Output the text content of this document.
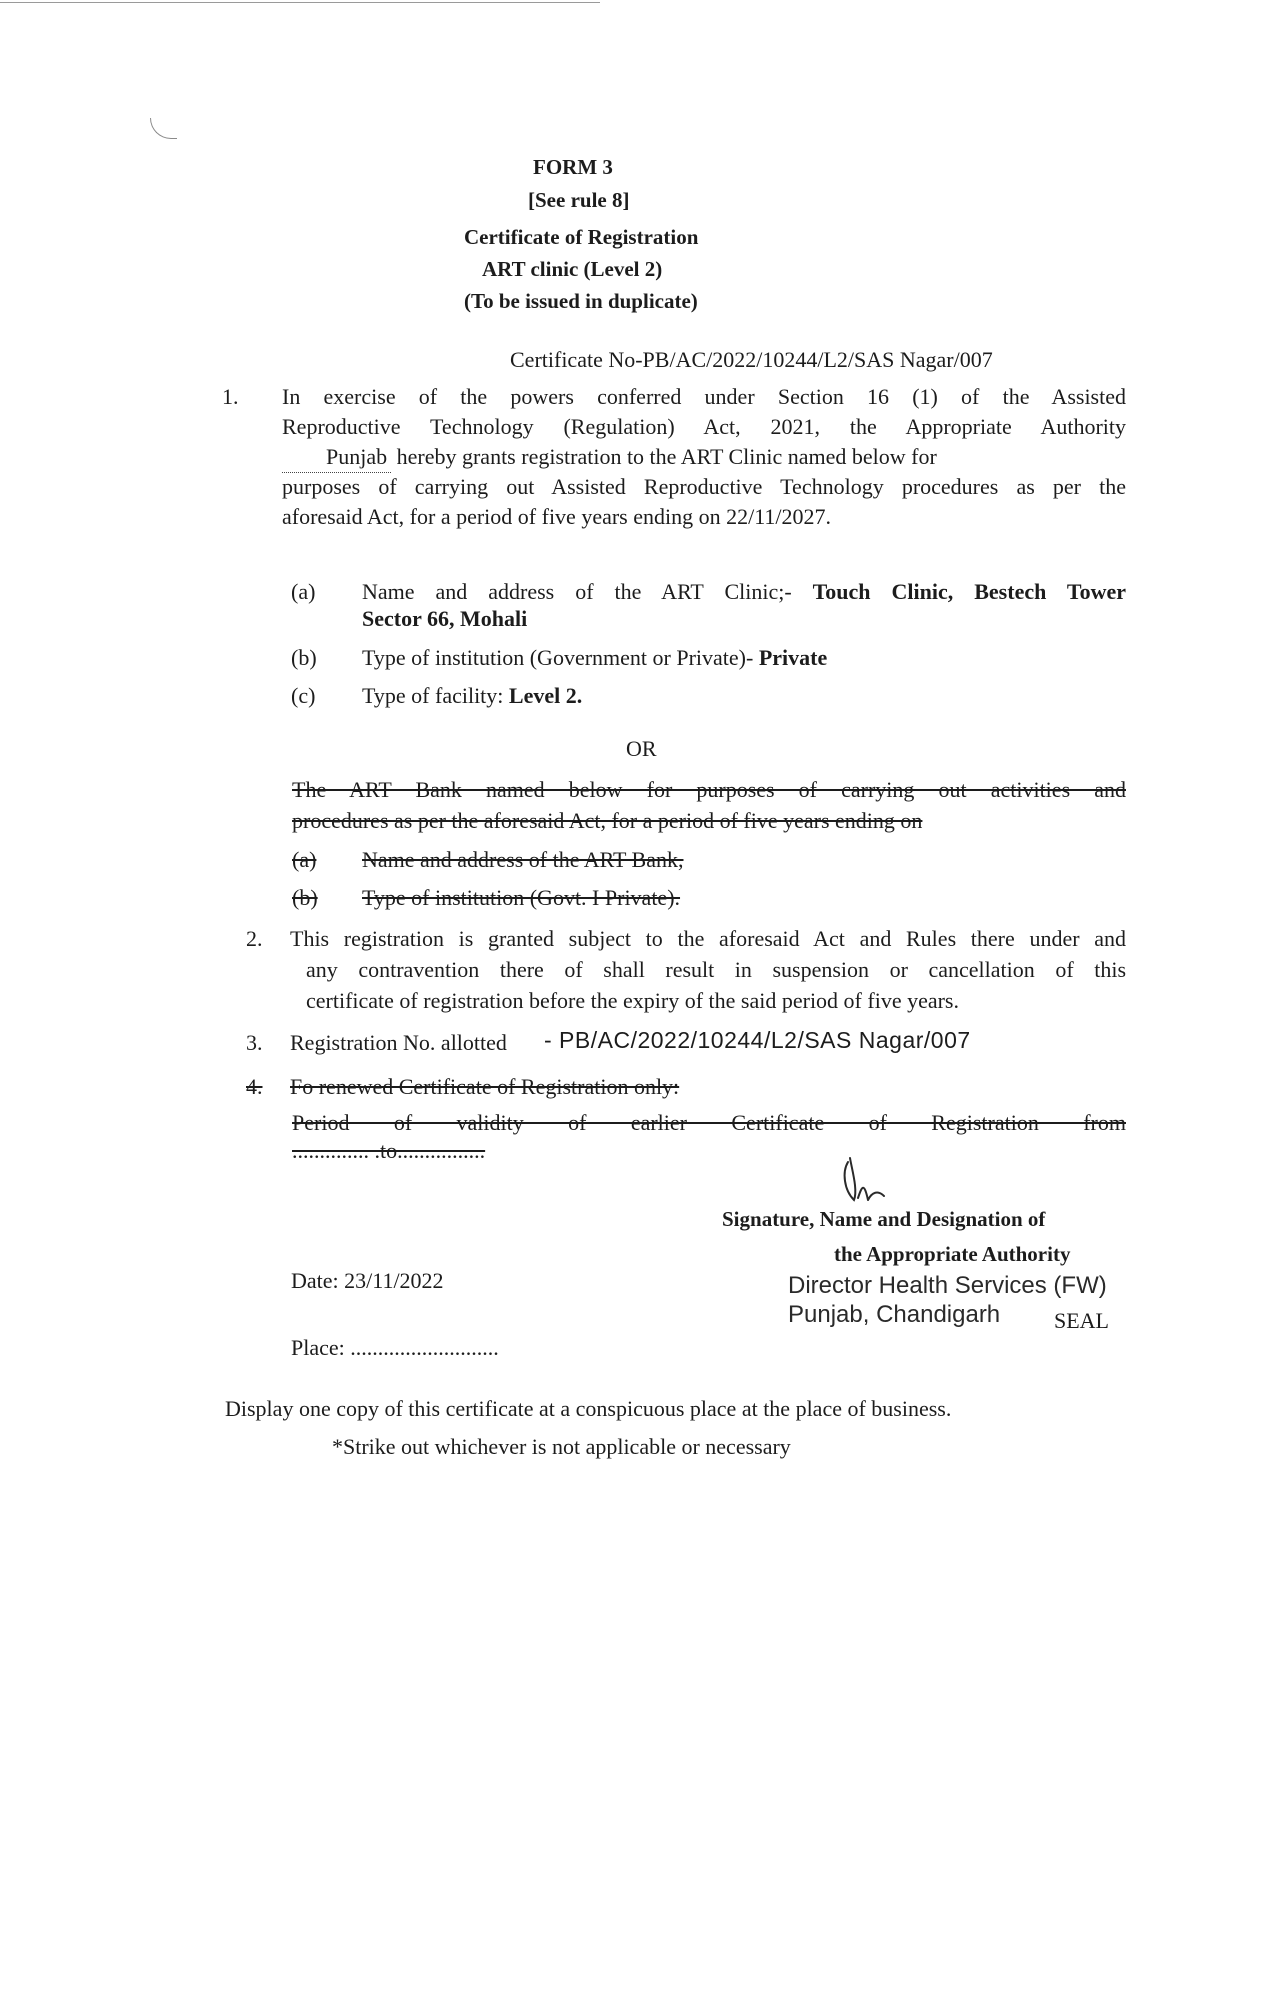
FORM 3
[See rule 8]
Certificate of Registration
ART clinic (Level 2)
(To be issued in duplicate)
Certificate No-PB/AC/2022/10244/L2/SAS Nagar/007
1. In exercise of the powers conferred under Section 16 (1) of the Assisted
Reproductive Technology (Regulation) Act, 2021, the Appropriate Authority
Punjab hereby grants registration to the ART Clinic named below for
purposes of carrying out Assisted Reproductive Technology procedures as per the
aforesaid Act, for a period of five years ending on 22/11/2027.
(a) Name and address of the ART Clinic;- Touch Clinic, Bestech Tower
Sector 66, Mohali
(b) Type of institution (Government or Private)- Private
(c) Type of facility: Level 2.
OR
The ART Bank named below for purposes of carrying out activities and
procedures as per the aforesaid Act, for a period of five years ending on
(a)	Name and address of the ART Bank,
(b)	Type of institution (Govt. I Private).
2. This registration is granted subject to the aforesaid Act and Rules there under and
any contravention there of shall result in suspension or cancellation of this
certificate of registration before the expiry of the said period of five years.
3. Registration No. allotted - PB/AC/2022/10244/L2/SAS Nagar/007
4. Fo renewed Certificate of Registration only:
Period of validity of earlier Certificate of Registration from
.............. .to................
Signature, Name and Designation of
the Appropriate Authority
Director Health Services (FW)
Punjab, Chandigarh SEAL
Date: 23/11/2022
Place: ...........................
Display one copy of this certificate at a conspicuous place at the place of business.
*Strike out whichever is not applicable or necessary
